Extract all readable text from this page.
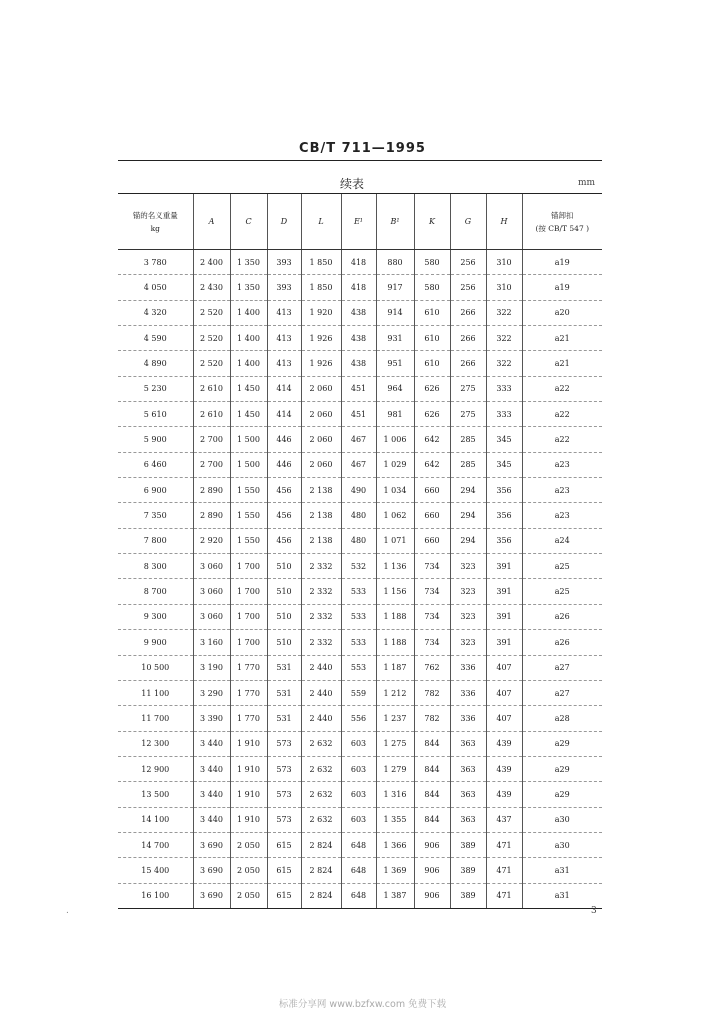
CB/T 711—1995
续表	mm
锚的名义重量
kg	A	C	D	L	E¹	B¹	K	G	H	锚卸扣
(按 CB/T 547 )
3 780	2 400	1 350	393	1 850	418	880	580	256	310	a19
4 050	2 430	1 350	393	1 850	418	917	580	256	310	a19
4 320	2 520	1 400	413	1 920	438	914	610	266	322	a20
4 590	2 520	1 400	413	1 926	438	931	610	266	322	a21
4 890	2 520	1 400	413	1 926	438	951	610	266	322	a21
5 230	2 610	1 450	414	2 060	451	964	626	275	333	a22
5 610	2 610	1 450	414	2 060	451	981	626	275	333	a22
5 900	2 700	1 500	446	2 060	467	1 006	642	285	345	a22
6 460	2 700	1 500	446	2 060	467	1 029	642	285	345	a23
6 900	2 890	1 550	456	2 138	490	1 034	660	294	356	a23
7 350	2 890	1 550	456	2 138	480	1 062	660	294	356	a23
7 800	2 920	1 550	456	2 138	480	1 071	660	294	356	a24
8 300	3 060	1 700	510	2 332	532	1 136	734	323	391	a25
8 700	3 060	1 700	510	2 332	533	1 156	734	323	391	a25
9 300	3 060	1 700	510	2 332	533	1 188	734	323	391	a26
9 900	3 160	1 700	510	2 332	533	1 188	734	323	391	a26
10 500	3 190	1 770	531	2 440	553	1 187	762	336	407	a27
11 100	3 290	1 770	531	2 440	559	1 212	782	336	407	a27
11 700	3 390	1 770	531	2 440	556	1 237	782	336	407	a28
12 300	3 440	1 910	573	2 632	603	1 275	844	363	439	a29
12 900	3 440	1 910	573	2 632	603	1 279	844	363	439	a29
13 500	3 440	1 910	573	2 632	603	1 316	844	363	439	a29
14 100	3 440	1 910	573	2 632	603	1 355	844	363	437	a30
14 700	3 690	2 050	615	2 824	648	1 366	906	389	471	a30
15 400	3 690	2 050	615	2 824	648	1 369	906	389	471	a31
16 100	3 690	2 050	615	2 824	648	1 387	906	389	471	a31
.	3
标准分享网 www.bzfxw.com 免费下载
